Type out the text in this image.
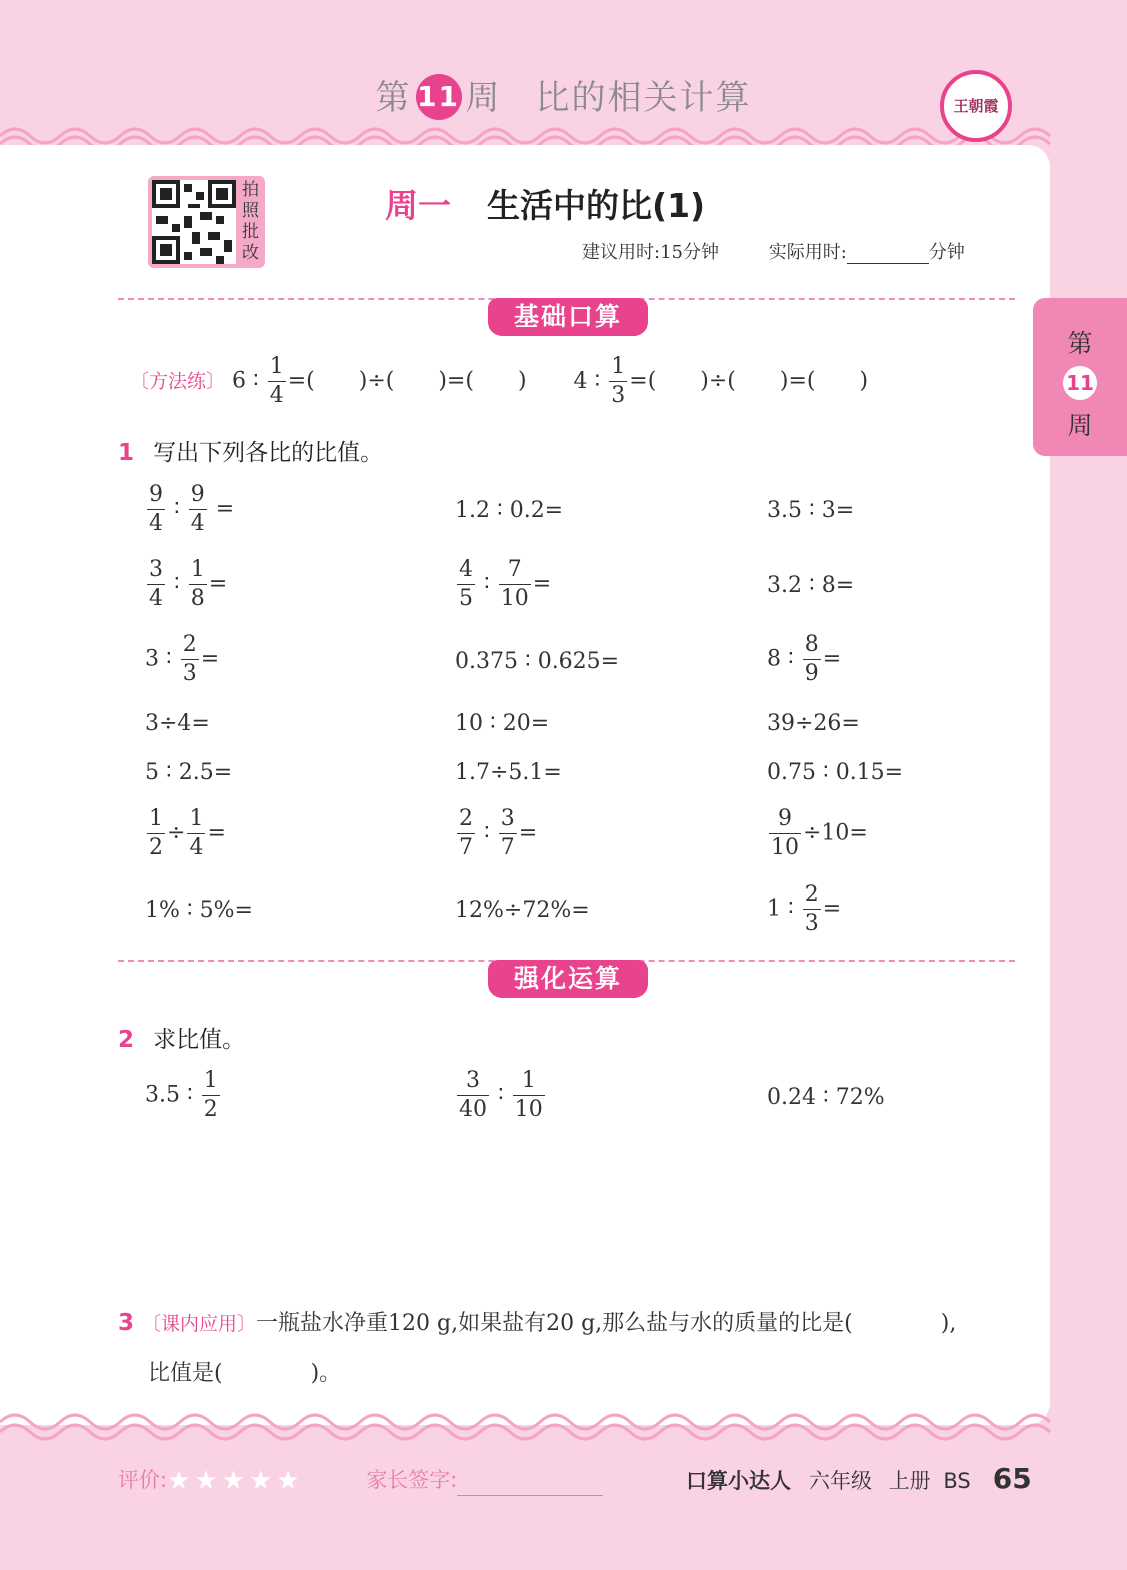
第 11 周 比的相关计算	王朝霞
拍
照
批
改
周一 生活中的比(1)
建议用时:15分钟	实际用时:	分钟
基础口算
第
11
周
〔方法练〕 6 ∶ $\frac{1}{4}$ =(　　)÷(　　)=(　　) 4 ∶ $\frac{1}{3}$ =(　　)÷(　　)=(　　)
1 写出下列各比的比值。
$\frac{9}{4}$ ∶ $\frac{9}{4}$ =	1.2 ∶ 0.2=	3.5 ∶ 3=
$\frac{3}{4}$ ∶ $\frac{1}{8}$ =	$\frac{4}{5}$ ∶ $\frac{7}{10}$ =	3.2 ∶ 8=
3 ∶ $\frac{2}{3}$ =	0.375 ∶ 0.625=	8 ∶ $\frac{8}{9}$ =
3÷4=	10 ∶ 20=	39÷26=
5 ∶ 2.5=	1.7÷5.1=	0.75 ∶ 0.15=
$\frac{1}{2} \div \frac{1}{4}$ =	$\frac{2}{7}$ ∶ $\frac{3}{7}$ =	$\frac{9}{10} \div 10=$
1% ∶ 5%=	12%÷72%=	1 ∶ $\frac{2}{3}$ =
强化运算
2 求比值。
3.5 ∶ $\frac{1}{2}$	$\frac{3}{40}$ ∶ $\frac{1}{10}$	0.24 ∶ 72%
3 〔课内应用〕一瓶盐水净重120 g,如果盐有20 g,那么盐与水的质量的比是(　　　　),
比值是(　　　　)。
评价:★★★★★	家长签字:	口算小达人 六年级 上册 BS 65
